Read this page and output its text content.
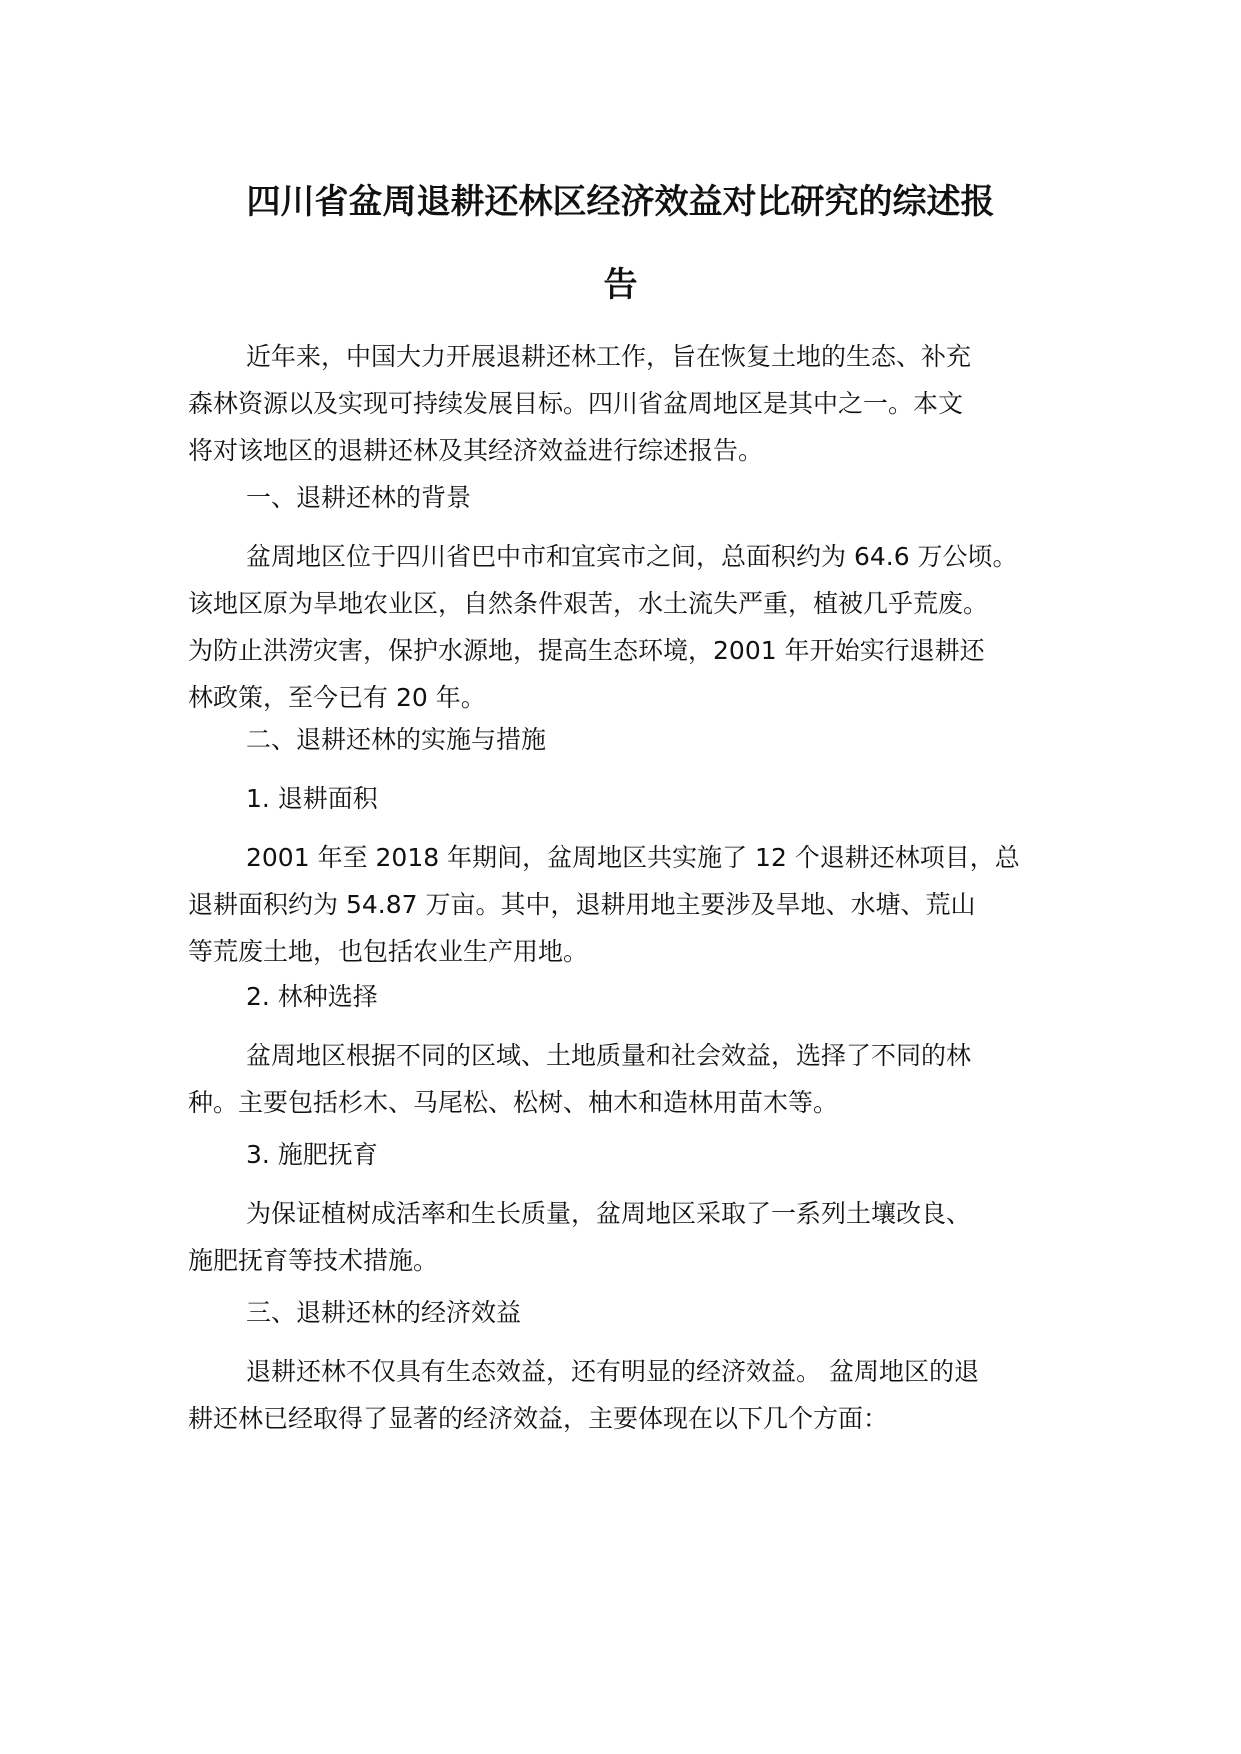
四川省盆周退耕还林区经济效益对比研究的综述报
告

近年来，中国大力开展退耕还林工作，旨在恢复土地的生态、补充
森林资源以及实现可持续发展目标。四川省盆周地区是其中之一。本文
将对该地区的退耕还林及其经济效益进行综述报告。

一、退耕还林的背景

盆周地区位于四川省巴中市和宜宾市之间，总面积约为 64.6 万公顷。
该地区原为旱地农业区，自然条件艰苦，水土流失严重，植被几乎荒废。
为防止洪涝灾害，保护水源地，提高生态环境，2001 年开始实行退耕还
林政策，至今已有 20 年。

二、退耕还林的实施与措施
1. 退耕面积

2001 年至 2018 年期间，盆周地区共实施了 12 个退耕还林项目，总
退耕面积约为 54.87 万亩。其中，退耕用地主要涉及旱地、水塘、荒山
等荒废土地，也包括农业生产用地。

2. 林种选择

盆周地区根据不同的区域、土地质量和社会效益，选择了不同的林
种。主要包括杉木、马尾松、松树、柚木和造林用苗木等。

3. 施肥抚育

为保证植树成活率和生长质量，盆周地区采取了一系列土壤改良、
施肥抚育等技术措施。

三、退耕还林的经济效益

退耕还林不仅具有生态效益，还有明显的经济效益。 盆周地区的退
耕还林已经取得了显著的经济效益，主要体现在以下几个方面：
